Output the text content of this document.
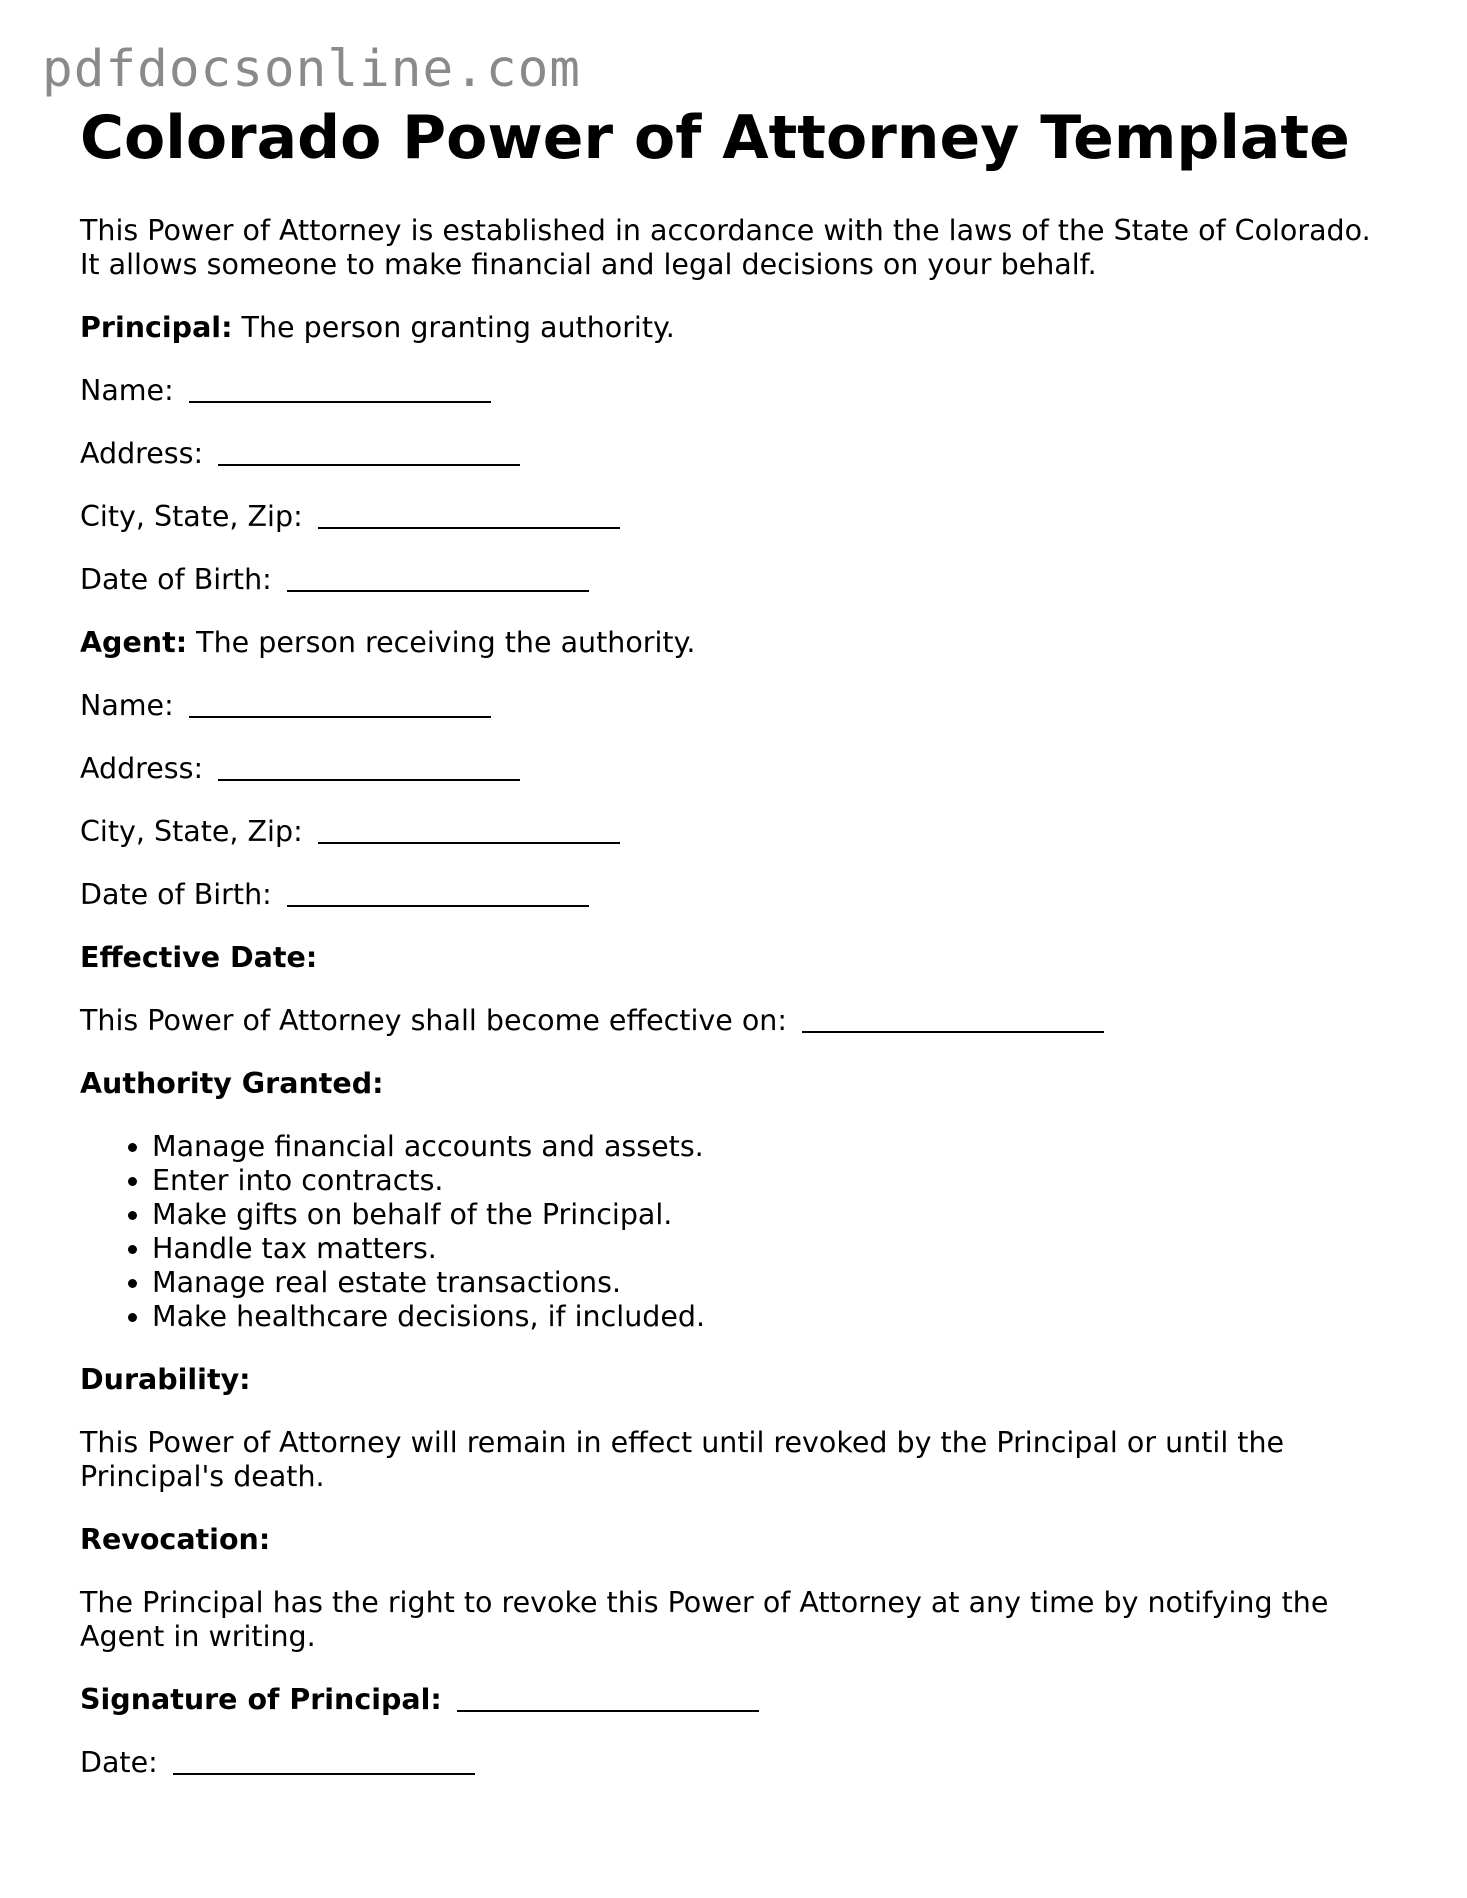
pdfdocsonline.com
Colorado Power of Attorney Template
This Power of Attorney is established in accordance with the laws of the State of Colorado.
It allows someone to make financial and legal decisions on your behalf.
Principal: The person granting authority.
Name:
Address:
City, State, Zip:
Date of Birth:
Agent: The person receiving the authority.
Name:
Address:
City, State, Zip:
Date of Birth:
Effective Date:
This Power of Attorney shall become effective on:
Authority Granted:
• Manage financial accounts and assets.
• Enter into contracts.
• Make gifts on behalf of the Principal.
• Handle tax matters.
• Manage real estate transactions.
• Make healthcare decisions, if included.
Durability:
This Power of Attorney will remain in effect until revoked by the Principal or until the
Principal's death.
Revocation:
The Principal has the right to revoke this Power of Attorney at any time by notifying the
Agent in writing.
Signature of Principal:
Date:
